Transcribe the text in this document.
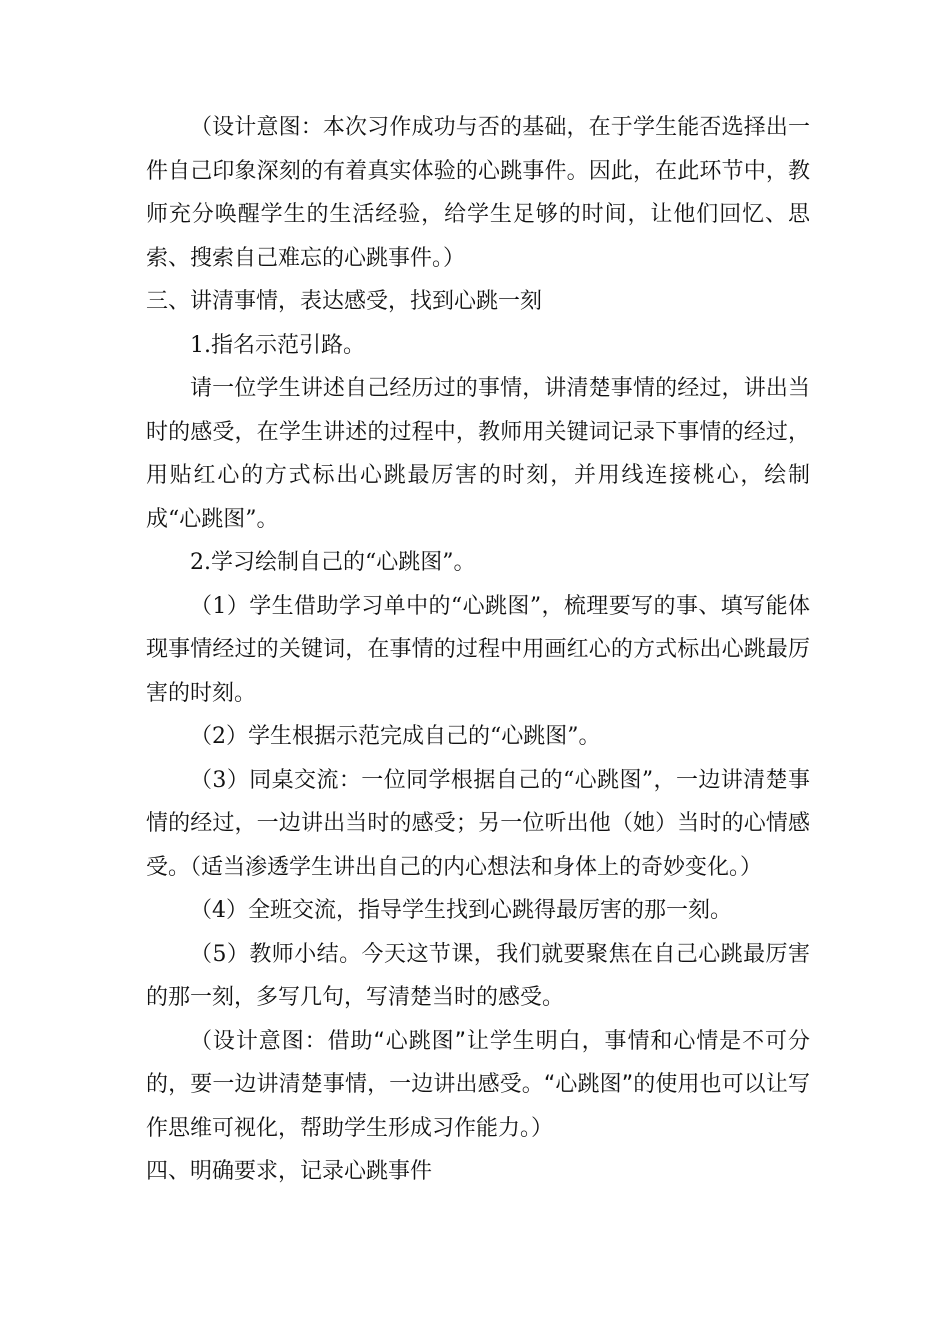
（设计意图：本次习作成功与否的基础，在于学生能否选择出一件自己印象深刻的有着真实体验的心跳事件。因此，在此环节中，教师充分唤醒学生的生活经验，给学生足够的时间，让他们回忆、思索、搜索自己难忘的心跳事件。）

三、讲清事情，表达感受，找到心跳一刻

1.指名示范引路。

请一位学生讲述自己经历过的事情，讲清楚事情的经过，讲出当时的感受，在学生讲述的过程中，教师用关键词记录下事情的经过，用贴红心的方式标出心跳最厉害的时刻，并用线连接桃心，绘制成“心跳图”。

2.学习绘制自己的“心跳图”。

（1）学生借助学习单中的“心跳图”，梳理要写的事、填写能体现事情经过的关键词，在事情的过程中用画红心的方式标出心跳最厉害的时刻。

（2）学生根据示范完成自己的“心跳图”。

（3）同桌交流：一位同学根据自己的“心跳图”，一边讲清楚事情的经过，一边讲出当时的感受；另一位听出他（她）当时的心情感受。（适当渗透学生讲出自己的内心想法和身体上的奇妙变化。）

（4）全班交流，指导学生找到心跳得最厉害的那一刻。

（5）教师小结。今天这节课，我们就要聚焦在自己心跳最厉害的那一刻，多写几句，写清楚当时的感受。

（设计意图：借助“心跳图”让学生明白，事情和心情是不可分的，要一边讲清楚事情，一边讲出感受。“心跳图”的使用也可以让写作思维可视化，帮助学生形成习作能力。）

四、明确要求，记录心跳事件
